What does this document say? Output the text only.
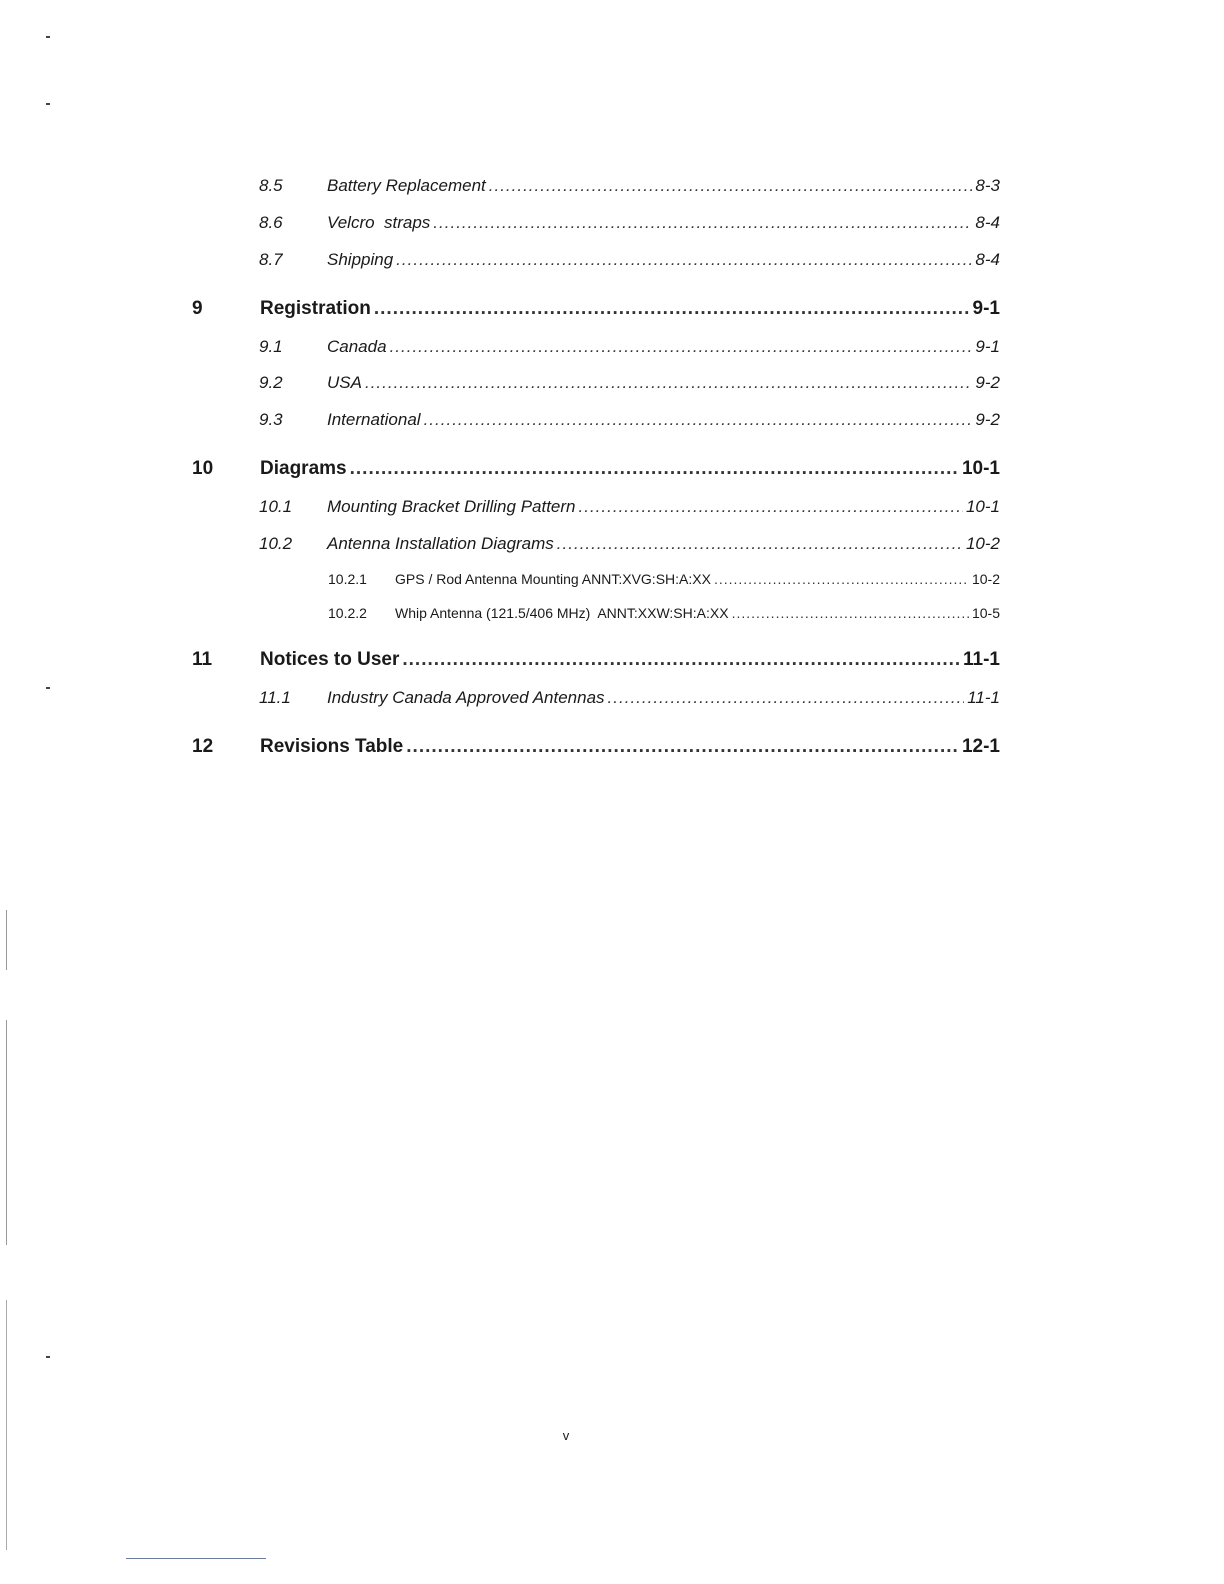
8.5	Battery Replacement .....	8-3
8.6	Velcro  straps .....	8-4
8.7	Shipping .....	8-4
9	Registration .....	9-1
9.1	Canada .....	9-1
9.2	USA .....	9-2
9.3	International .....	9-2
10 Diagrams .....	10-1
10.1	Mounting Bracket Drilling Pattern .....	10-1
10.2	Antenna Installation Diagrams .....	10-2
10.2.1	GPS / Rod Antenna Mounting ANNT:XVG:SH:A:XX .....	10-2
10.2.2	Whip Antenna (121.5/406 MHz)  ANNT:XXW:SH:A:XX .....	10-5
11	Notices to User .....	11-1
11.1	Industry Canada Approved Antennas .....	11-1
12 Revisions Table .....	12-1
v
